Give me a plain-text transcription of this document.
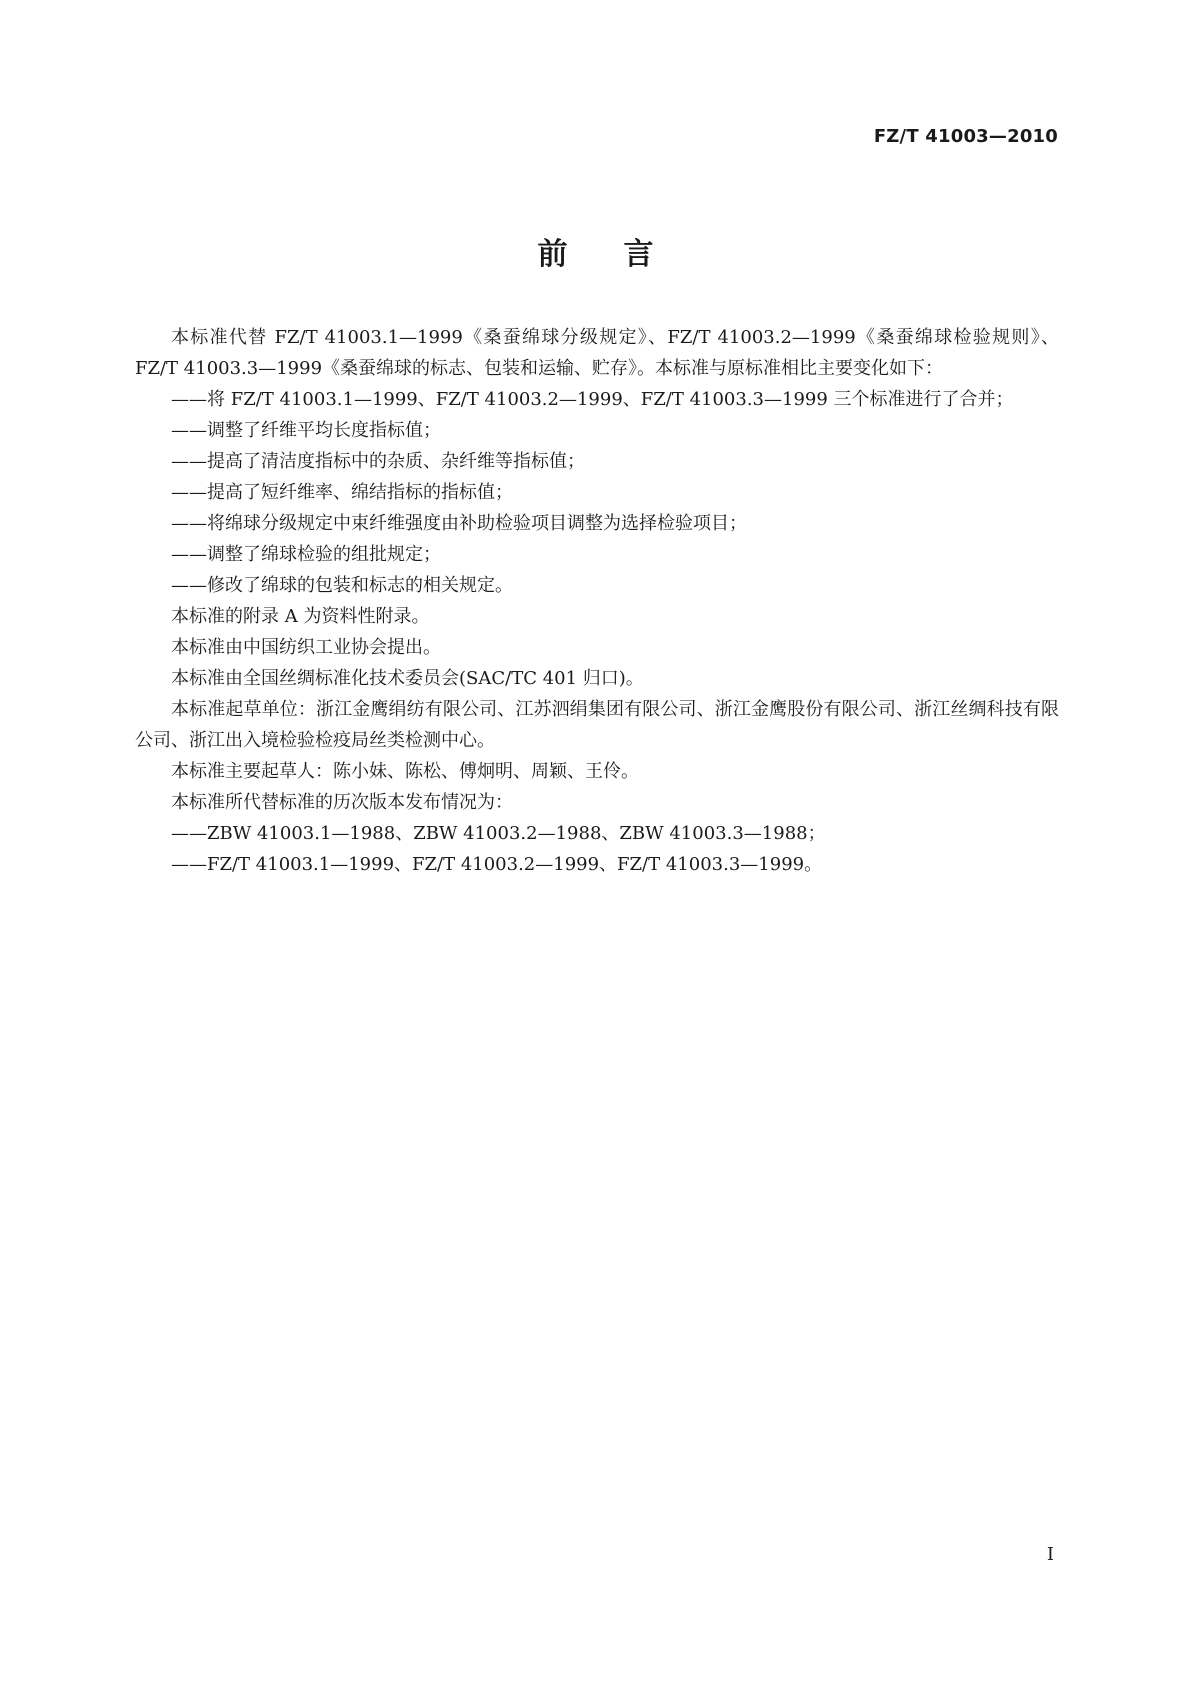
FZ/T 41003—2010
前言

本标准代替 FZ/T 41003.1—1999《桑蚕绵球分级规定》、FZ/T 41003.2—1999《桑蚕绵球检验规则》、FZ/T 41003.3—1999《桑蚕绵球的标志、包装和运输、贮存》。本标准与原标准相比主要变化如下：

——将 FZ/T 41003.1—1999、FZ/T 41003.2—1999、FZ/T 41003.3—1999 三个标准进行了合并；

——调整了纤维平均长度指标值；

——提高了清洁度指标中的杂质、杂纤维等指标值；

——提高了短纤维率、绵结指标的指标值；

——将绵球分级规定中束纤维强度由补助检验项目调整为选择检验项目；

——调整了绵球检验的组批规定；

——修改了绵球的包装和标志的相关规定。

本标准的附录 A 为资料性附录。

本标准由中国纺织工业协会提出。

本标准由全国丝绸标准化技术委员会(SAC/TC 401 归口)。

本标准起草单位：浙江金鹰绢纺有限公司、江苏泗绢集团有限公司、浙江金鹰股份有限公司、浙江丝绸科技有限公司、浙江出入境检验检疫局丝类检测中心。

本标准主要起草人：陈小妹、陈松、傅炯明、周颖、王伶。

本标准所代替标准的历次版本发布情况为：

——ZBW 41003.1—1988、ZBW 41003.2—1988、ZBW 41003.3—1988；

——FZ/T 41003.1—1999、FZ/T 41003.2—1999、FZ/T 41003.3—1999。

I
